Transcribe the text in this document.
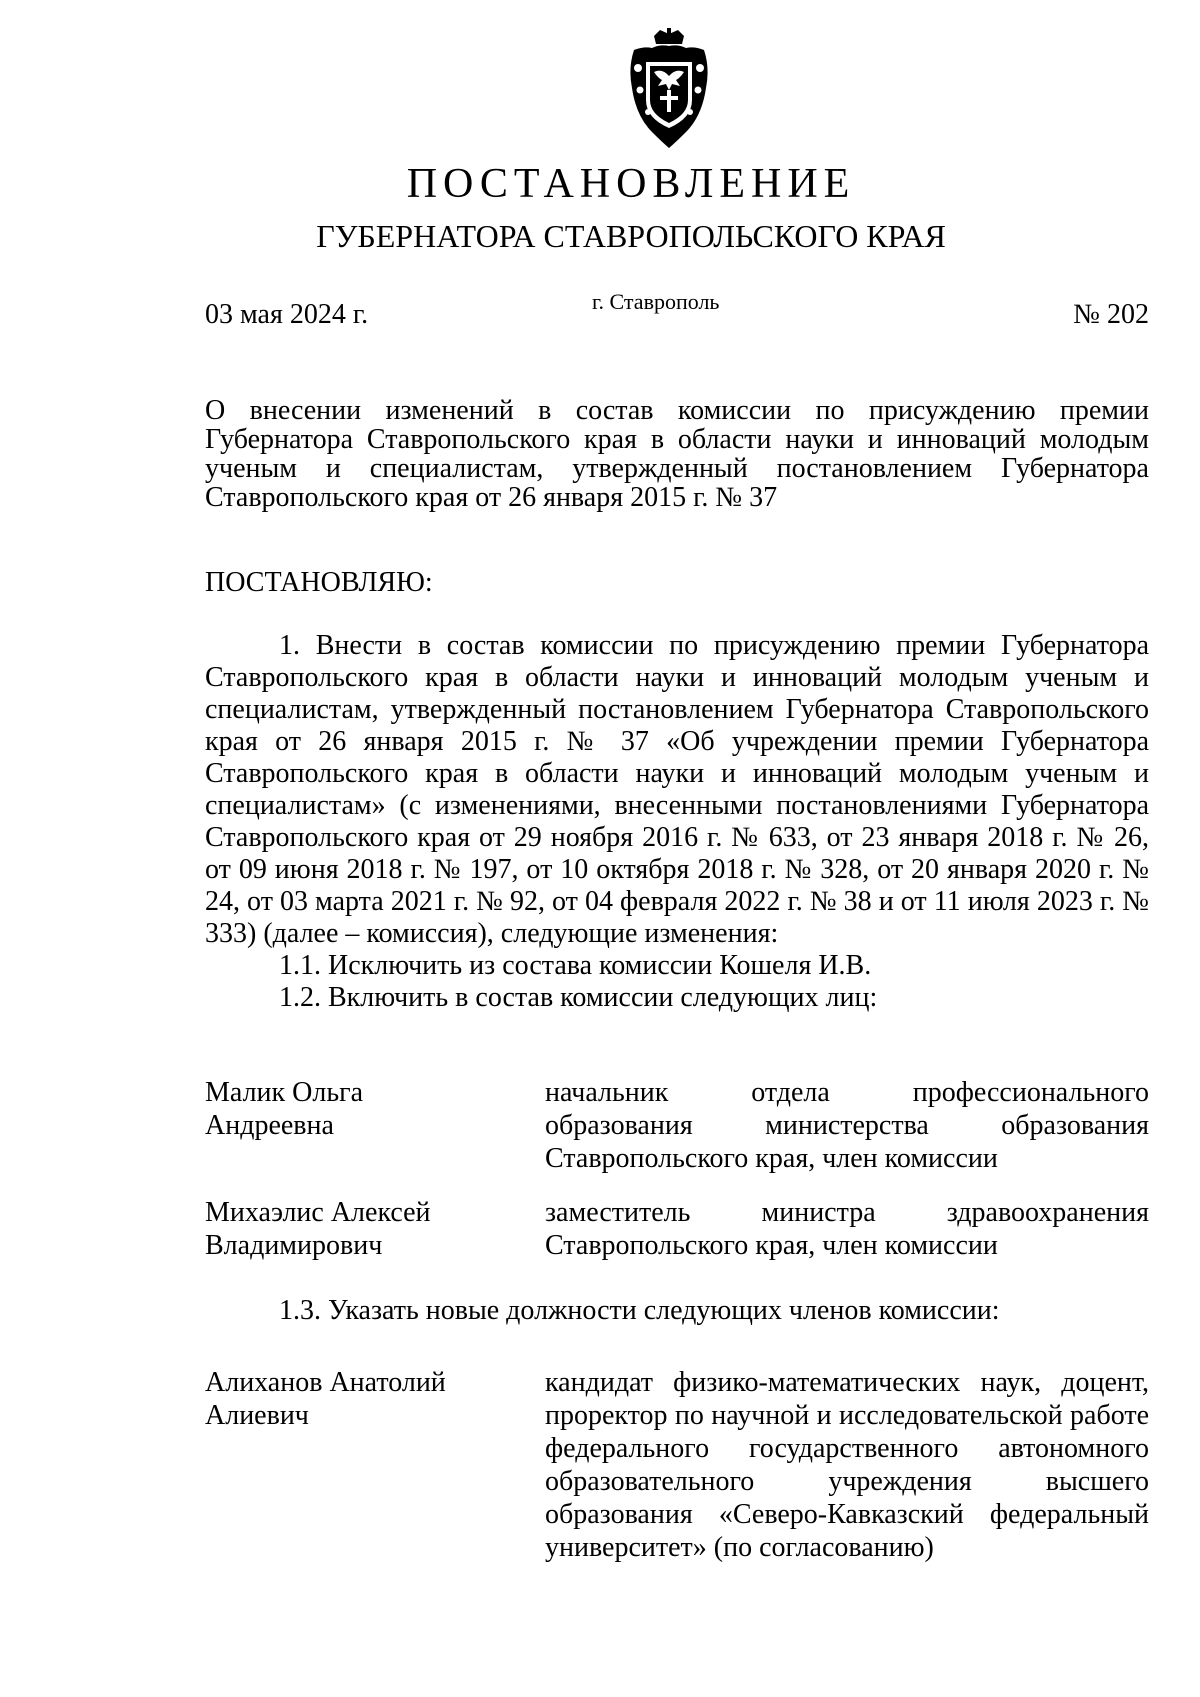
ПОСТАНОВЛЕНИЕ
ГУБЕРНАТОРА СТАВРОПОЛЬСКОГО КРАЯ
03 мая 2024 г.	г. Ставрополь	№ 202
О внесении изменений в состав комиссии по присуждению премии Губернатора Ставропольского края в области науки и инноваций молодым ученым и специалистам, утвержденный постановлением Губернатора Ставропольского края от 26 января 2015 г. № 37
ПОСТАНОВЛЯЮ:

1. Внести в состав комиссии по присуждению премии Губернатора Ставропольского края в области науки и инноваций молодым ученым и специалистам, утвержденный постановлением Губернатора Ставропольского края от 26 января 2015 г. № 37 «Об учреждении премии Губернатора Ставропольского края в области науки и инноваций молодым ученым и специалистам» (с изменениями, внесенными постановлениями Губернатора Ставропольского края от 29 ноября 2016 г. № 633, от 23 января 2018 г. № 26, от 09 июня 2018 г. № 197, от 10 октября 2018 г. № 328, от 20 января 2020 г. № 24, от 03 марта 2021 г. № 92, от 04 февраля 2022 г. № 38 и от 11 июля 2023 г. № 333) (далее – комиссия), следующие изменения:

1.1. Исключить из состава комиссии Кошеля И.В.

1.2. Включить в состав комиссии следующих лиц:

Малик Ольга
Андреевна
начальник отдела профессионального образования министерства образования Ставропольского края, член комиссии
Михаэлис Алексей
Владимирович
заместитель министра здравоохранения Ставропольского края, член комиссии
1.3. Указать новые должности следующих членов комиссии:
Алиханов Анатолий
Алиевич
кандидат физико-математических наук, доцент, проректор по научной и исследовательской работе федерального государственного автономного образовательного учреждения высшего образования «Северо-Кавказский федеральный университет» (по согласованию)
